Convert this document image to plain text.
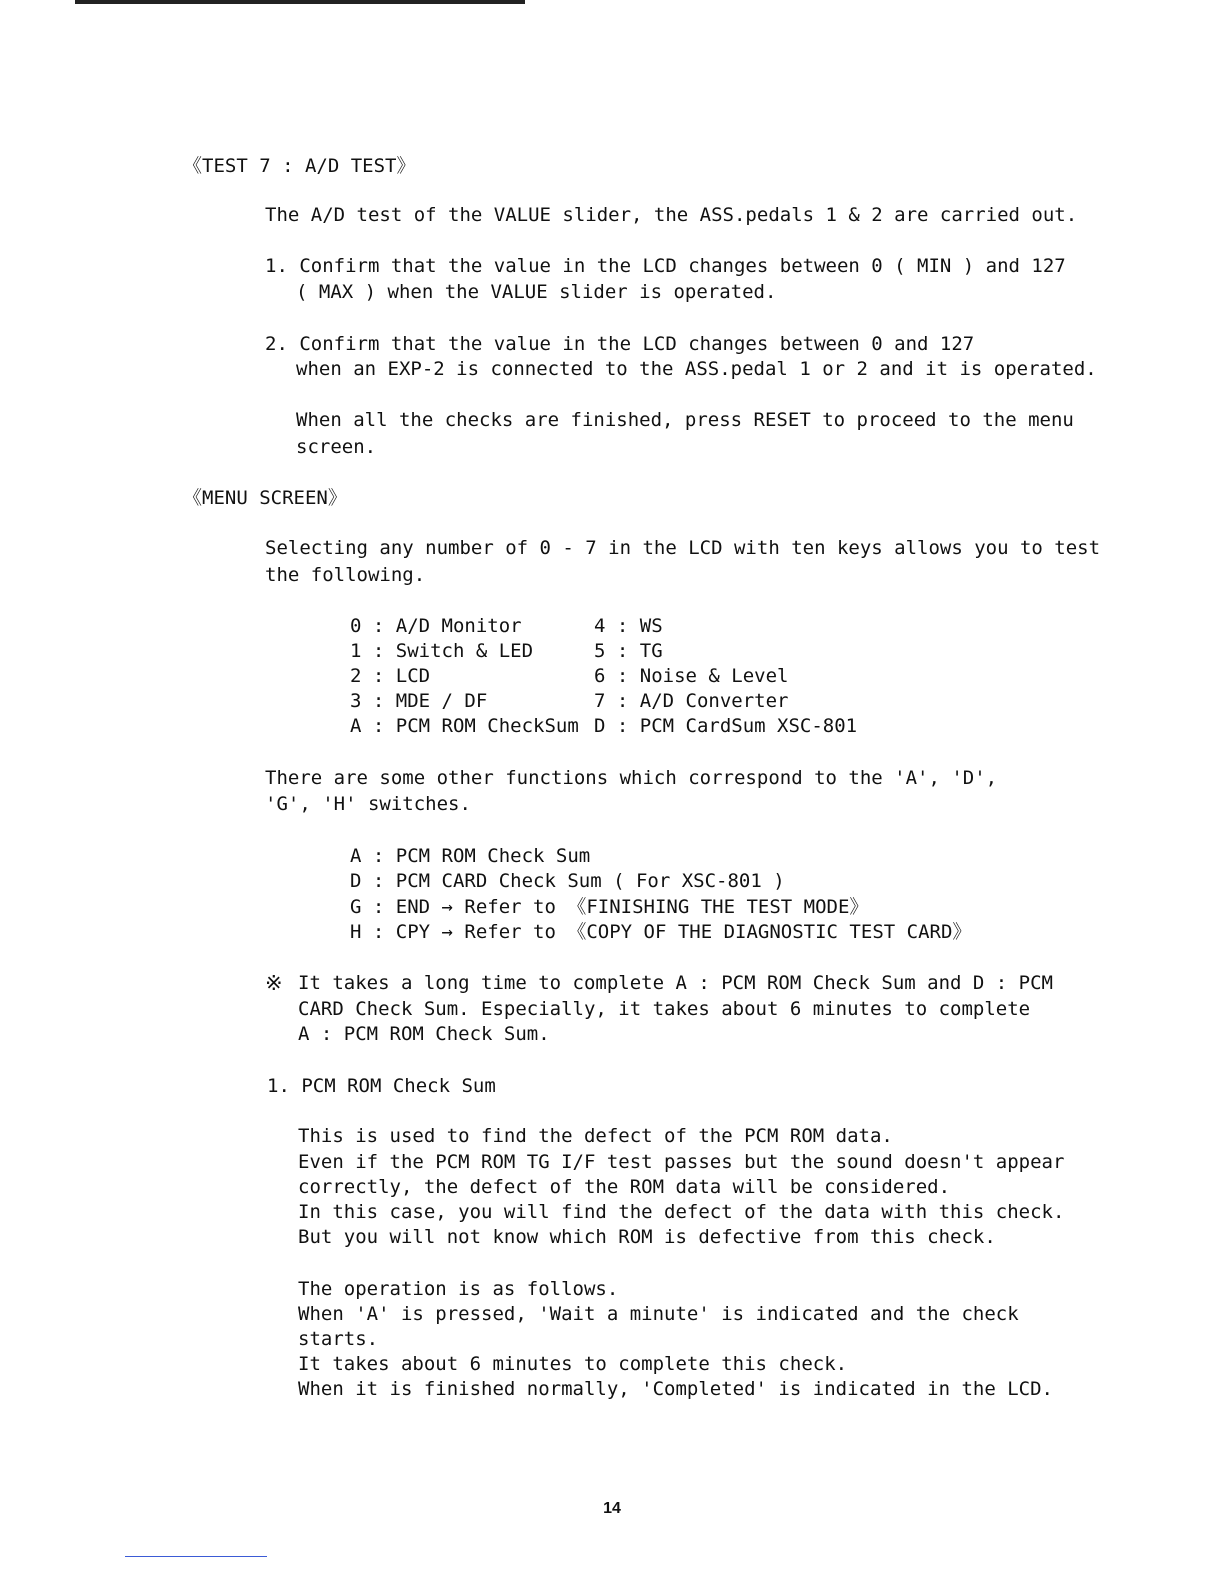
《TEST 7 : A/D TEST》
The A/D test of the VALUE slider, the ASS.pedals 1 & 2 are carried out.
1. Confirm that the value in the LCD changes between 0 ( MIN ) and 127
( MAX ) when the VALUE slider is operated.
2. Confirm that the value in the LCD changes between 0 and 127
when an EXP-2 is connected to the ASS.pedal 1 or 2 and it is operated.
When all the checks are finished, press RESET to proceed to the menu
screen.
《MENU SCREEN》
Selecting any number of 0 - 7 in the LCD with ten keys allows you to test
the following.
0 : A/D Monitor
1 : Switch & LED
2 : LCD
3 : MDE / DF
A : PCM ROM CheckSum
4 : WS
5 : TG
6 : Noise & Level
7 : A/D Converter
D : PCM CardSum XSC-801
There are some other functions which correspond to the 'A', 'D',
'G', 'H' switches.
A : PCM ROM Check Sum
D : PCM CARD Check Sum ( For XSC-801 )
G : END → Refer to 《FINISHING THE TEST MODE》
H : CPY → Refer to 《COPY OF THE DIAGNOSTIC TEST CARD》
※ It takes a long time to complete A : PCM ROM Check Sum and D : PCM
CARD Check Sum. Especially, it takes about 6 minutes to complete
A : PCM ROM Check Sum.
1. PCM ROM Check Sum
This is used to find the defect of the PCM ROM data.
Even if the PCM ROM TG I/F test passes but the sound doesn't appear
correctly, the defect of the ROM data will be considered.
In this case, you will find the defect of the data with this check.
But you will not know which ROM is defective from this check.
The operation is as follows.
When 'A' is pressed, 'Wait a minute' is indicated and the check
starts.
It takes about 6 minutes to complete this check.
When it is finished normally, 'Completed' is indicated in the LCD.
14
